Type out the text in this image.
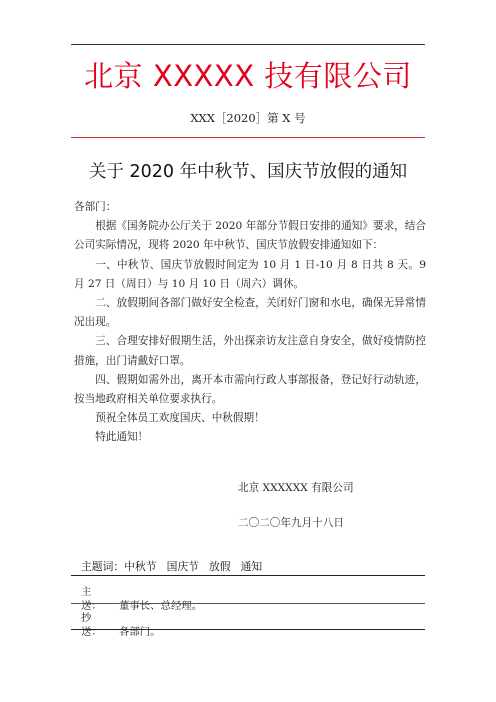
北京 XXXXX 技有限公司
XXX［2020］第 X 号
关于 2020 年中秋节、国庆节放假的通知

各部门：

根据《国务院办公厅关于 2020 年部分节假日安排的通知》要求，结合公司实际情况，现将 2020 年中秋节、国庆节放假安排通知如下：

一、中秋节、国庆节放假时间定为 10 月 1 日-10 月 8 日共 8 天。9 月 27 日（周日）与 10 月 10 日（周六）调休。

二、放假期间各部门做好安全检查，关闭好门窗和水电，确保无异常情况出现。

三、合理安排好假期生活，外出探亲访友注意自身安全，做好疫情防控措施，出门请戴好口罩。

四、假期如需外出，离开本市需向行政人事部报备，登记好行动轨迹，按当地政府相关单位要求执行。

预祝全体员工欢度国庆、中秋假期！

特此通知！

北京 XXXXXX 有限公司
二〇二〇年九月十八日
主题词：中秋节 国庆节 放假 通知
主　送： 董事长、总经理。
抄　送： 各部门。
